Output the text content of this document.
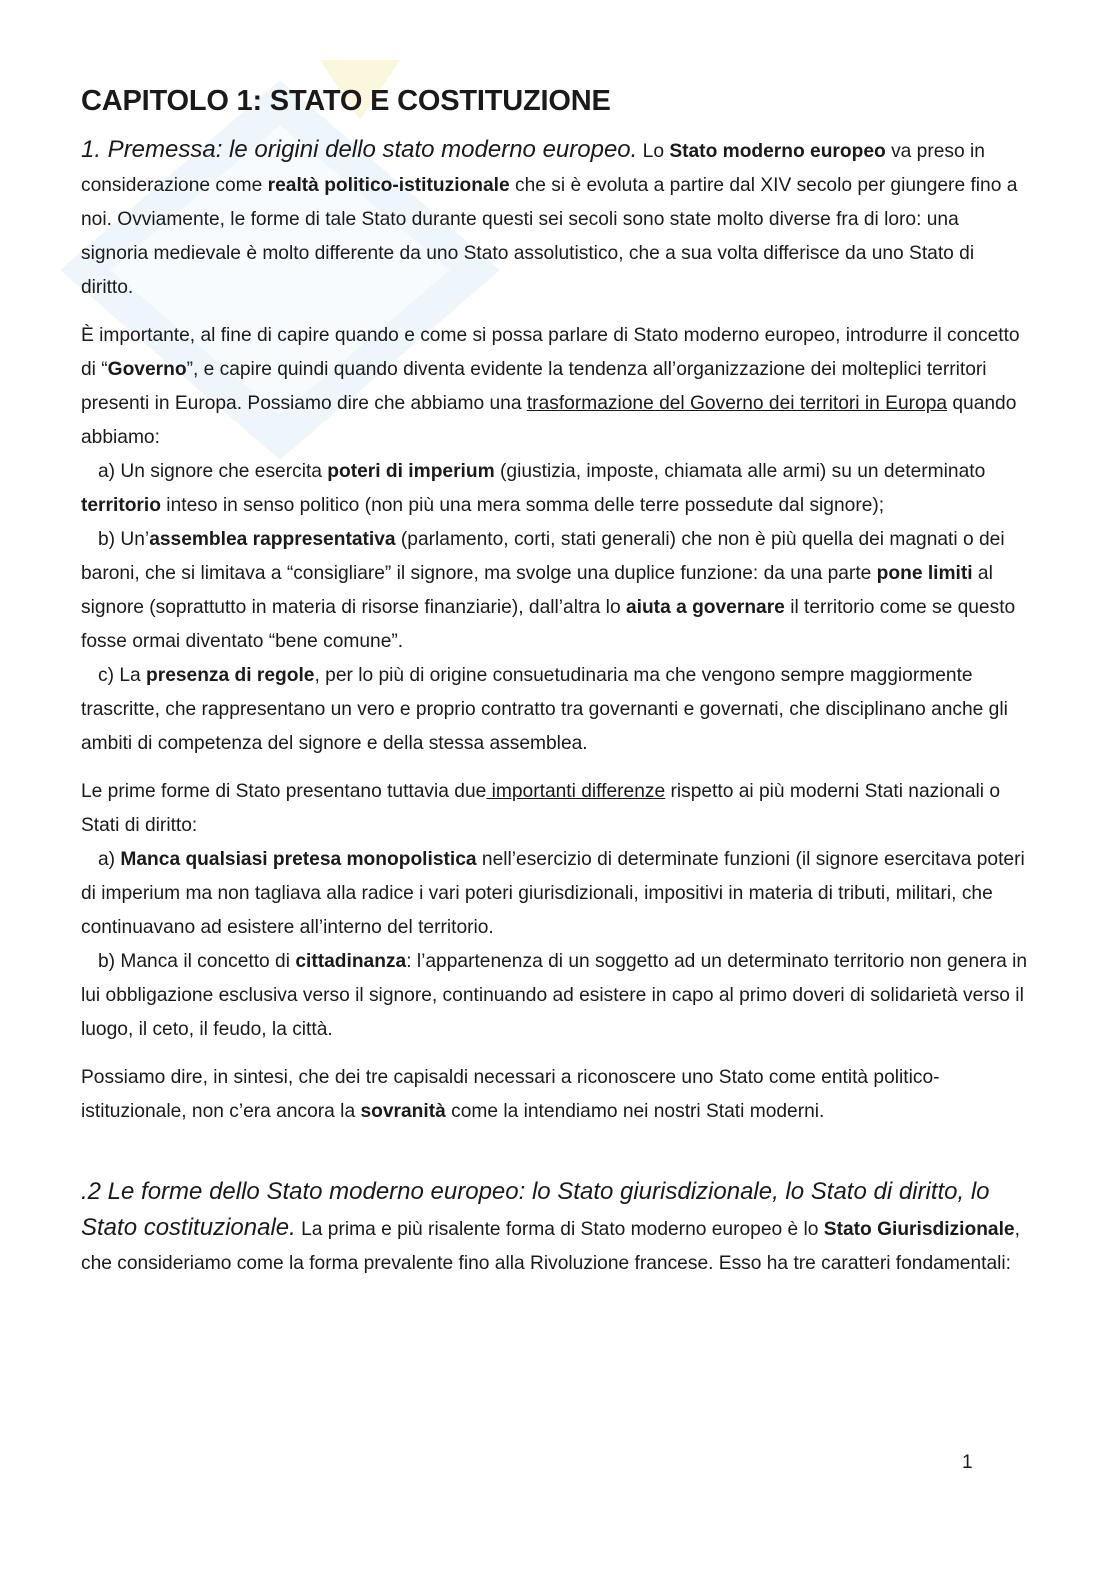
CAPITOLO 1: STATO E COSTITUZIONE

1. Premessa: le origini dello stato moderno europeo. Lo Stato moderno europeo va preso in considerazione come realtà politico-istituzionale che si è evoluta a partire dal XIV secolo per giungere fino a noi. Ovviamente, le forme di tale Stato durante questi sei secoli sono state molto diverse fra di loro: una signoria medievale è molto differente da uno Stato assolutistico, che a sua volta differisce da uno Stato di diritto.

È importante, al fine di capire quando e come si possa parlare di Stato moderno europeo, introdurre il concetto di “Governo”, e capire quindi quando diventa evidente la tendenza all’organizzazione dei molteplici territori presenti in Europa. Possiamo dire che abbiamo una trasformazione del Governo dei territori in Europa quando abbiamo:
a) Un signore che esercita poteri di imperium (giustizia, imposte, chiamata alle armi) su un determinato territorio inteso in senso politico (non più una mera somma delle terre possedute dal signore);
b) Un’assemblea rappresentativa (parlamento, corti, stati generali) che non è più quella dei magnati o dei baroni, che si limitava a “consigliare” il signore, ma svolge una duplice funzione: da una parte pone limiti al signore (soprattutto in materia di risorse finanziarie), dall’altra lo aiuta a governare il territorio come se questo fosse ormai diventato “bene comune”.
c) La presenza di regole, per lo più di origine consuetudinaria ma che vengono sempre maggiormente trascritte, che rappresentano un vero e proprio contratto tra governanti e governati, che disciplinano anche gli ambiti di competenza del signore e della stessa assemblea.

Le prime forme di Stato presentano tuttavia due importanti differenze rispetto ai più moderni Stati nazionali o Stati di diritto:
a) Manca qualsiasi pretesa monopolistica nell’esercizio di determinate funzioni (il signore esercitava poteri di imperium ma non tagliava alla radice i vari poteri giurisdizionali, impositivi in materia di tributi, militari, che continuavano ad esistere all’interno del territorio.
b) Manca il concetto di cittadinanza: l’appartenenza di un soggetto ad un determinato territorio non genera in lui obbligazione esclusiva verso il signore, continuando ad esistere in capo al primo doveri di solidarietà verso il luogo, il ceto, il feudo, la città.

Possiamo dire, in sintesi, che dei tre capisaldi necessari a riconoscere uno Stato come entità politico-istituzionale, non c’era ancora la sovranità come la intendiamo nei nostri Stati moderni.

.2 Le forme dello Stato moderno europeo: lo Stato giurisdizionale, lo Stato di diritto, lo Stato costituzionale. La prima e più risalente forma di Stato moderno europeo è lo Stato Giurisdizionale, che consideriamo come la forma prevalente fino alla Rivoluzione francese. Esso ha tre caratteri fondamentali:

1
